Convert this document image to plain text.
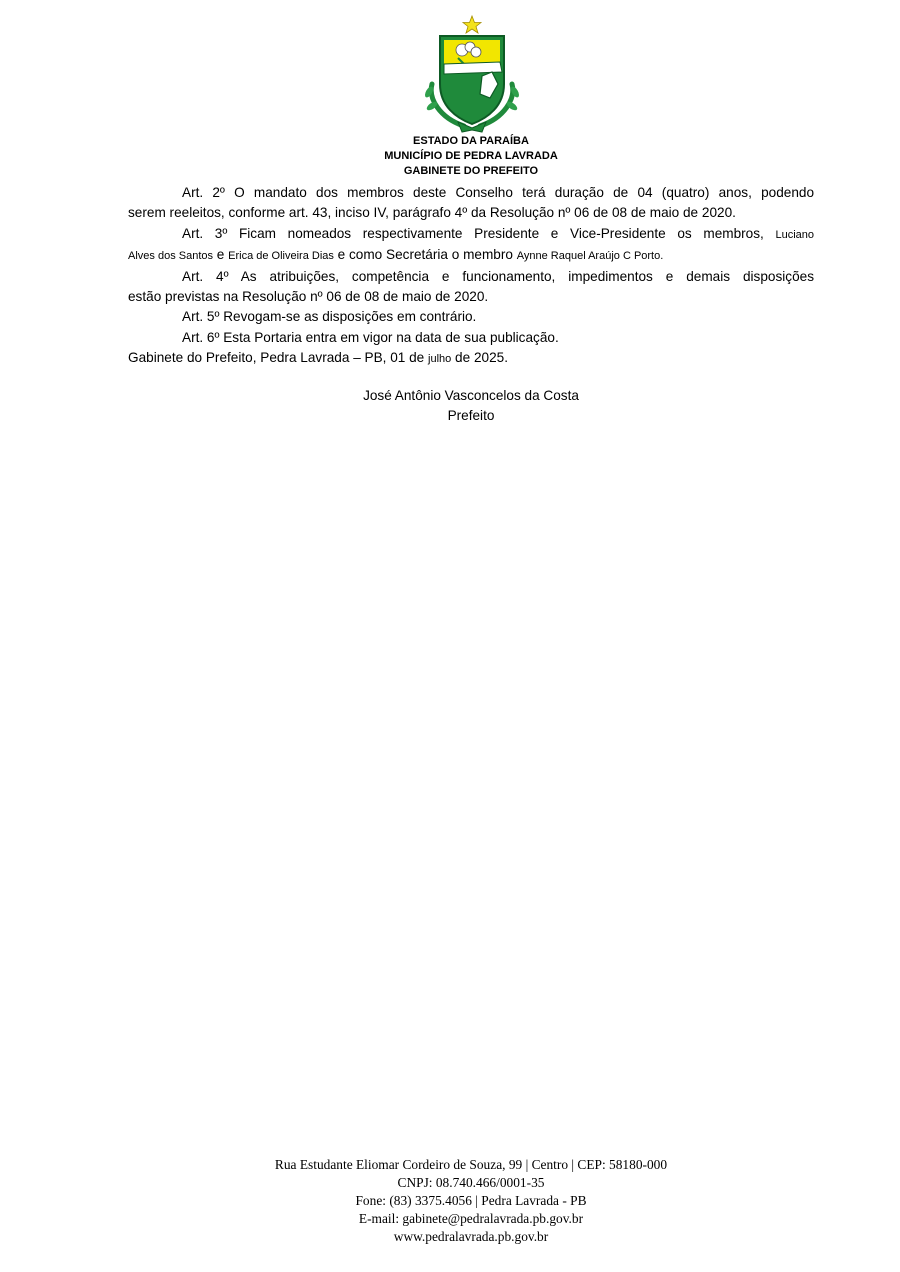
ESTADO DA PARAÍBA
MUNICÍPIO DE PEDRA LAVRADA
GABINETE DO PREFEITO

Art. 2º O mandato dos membros deste Conselho terá duração de 04 (quatro) anos, podendo

serem reeleitos, conforme art. 43, inciso IV, parágrafo 4º da Resolução nº 06 de 08 de maio de 2020.

Art. 3º Ficam nomeados respectivamente Presidente e Vice-Presidente os membros, Luciano

Alves dos Santos e Erica de Oliveira Dias e como Secretária o membro Aynne Raquel Araújo C Porto.

Art. 4º As atribuições, competência e funcionamento, impedimentos e demais disposições

estão previstas na Resolução nº 06 de 08 de maio de 2020.

Art. 5º Revogam-se as disposições em contrário.

Art. 6º Esta Portaria entra em vigor na data de sua publicação.

Gabinete do Prefeito, Pedra Lavrada – PB, 01 de julho de 2025.

José Antônio Vasconcelos da Costa
Prefeito
Rua Estudante Eliomar Cordeiro de Souza, 99 | Centro | CEP: 58180-000
CNPJ: 08.740.466/0001-35
Fone: (83) 3375.4056 | Pedra Lavrada - PB
E-mail: gabinete@pedralavrada.pb.gov.br
www.pedralavrada.pb.gov.br
